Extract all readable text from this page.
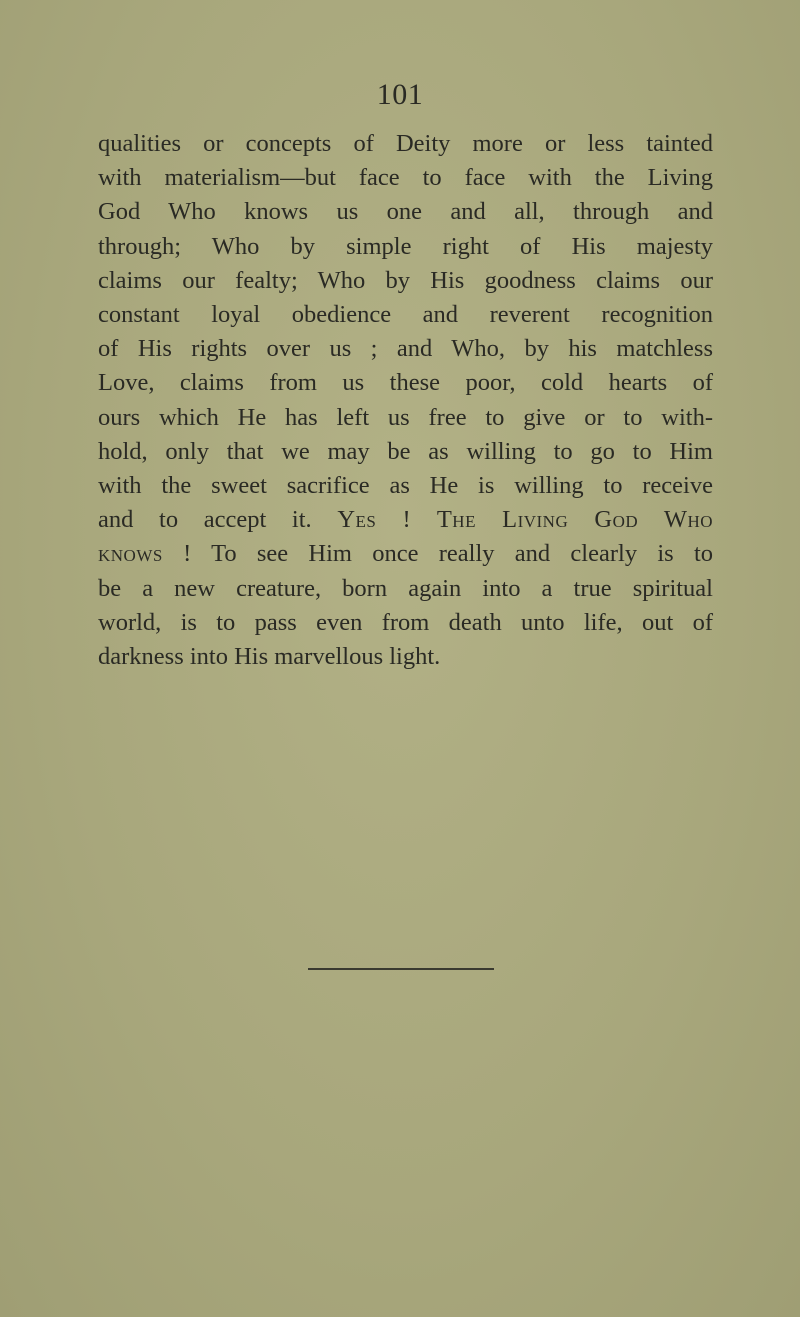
101
qualities or concepts of Deity more or less tainted
with materialism—but face to face with the Living
God Who knows us one and all, through and
through; Who by simple right of His majesty
claims our fealty; Who by His goodness claims our
constant loyal obedience and reverent recognition
of His rights over us ; and Who, by his matchless
Love, claims from us these poor, cold hearts of
ours which He has left us free to give or to with-
hold, only that we may be as willing to go to Him
with the sweet sacrifice as He is willing to receive
and to accept it. Yes ! The Living God Who
knows ! To see Him once really and clearly is to
be a new creature, born again into a true spiritual
world, is to pass even from death unto life, out of
darkness into His marvellous light.
